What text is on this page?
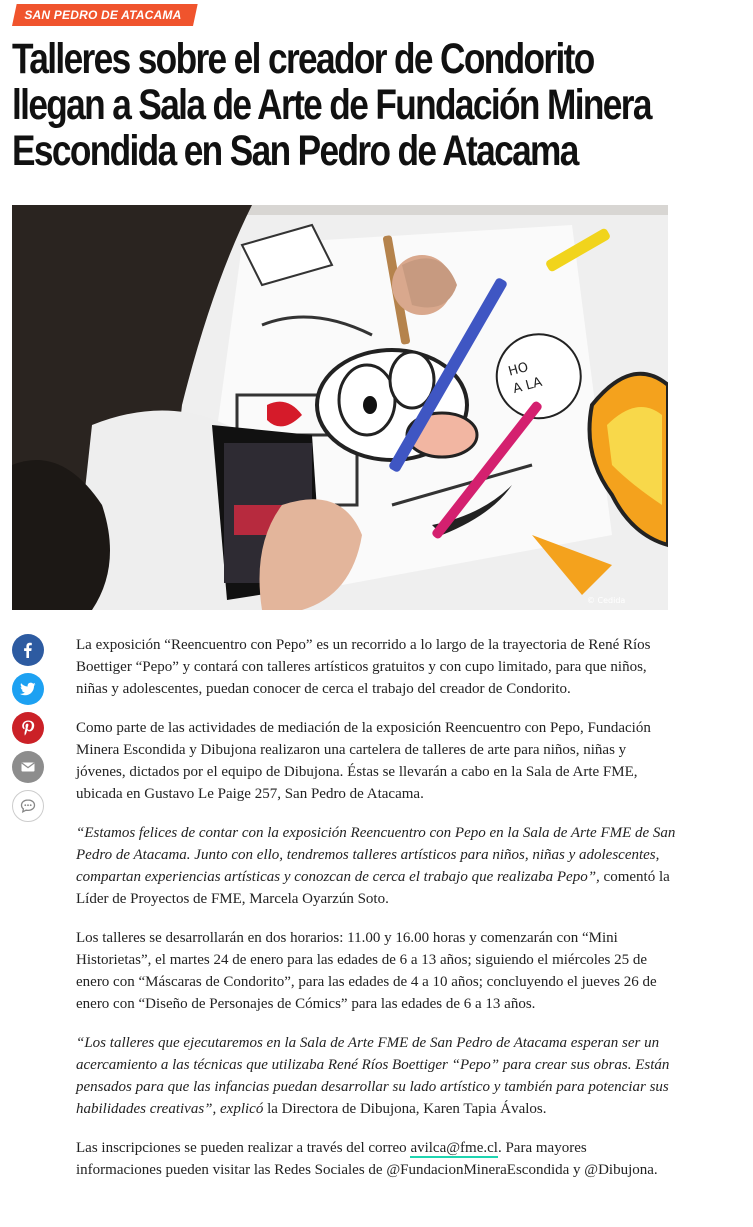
SAN PEDRO DE ATACAMA
Talleres sobre el creador de Condorito
llegan a Sala de Arte de Fundación Minera
Escondida en San Pedro de Atacama
HO
A LA
© Cedida

La exposición “Reencuentro con Pepo” es un recorrido a lo largo de la trayectoria de René Ríos Boettiger “Pepo” y contará con talleres artísticos gratuitos y con cupo limitado, para que niños, niñas y adolescentes, puedan conocer de cerca el trabajo del creador de Condorito.

Como parte de las actividades de mediación de la exposición Reencuentro con Pepo, Fundación Minera Escondida y Dibujona realizaron una cartelera de talleres de arte para niños, niñas y jóvenes, dictados por el equipo de Dibujona. Éstas se llevarán a cabo en la Sala de Arte FME, ubicada en Gustavo Le Paige 257, San Pedro de Atacama.

“Estamos felices de contar con la exposición Reencuentro con Pepo en la Sala de Arte FME de San Pedro de Atacama. Junto con ello, tendremos talleres artísticos para niños, niñas y adolescentes, compartan experiencias artísticas y conozcan de cerca el trabajo que realizaba Pepo”, comentó la Líder de Proyectos de FME, Marcela Oyarzún Soto.

Los talleres se desarrollarán en dos horarios: 11.00 y 16.00 horas y comenzarán con “Mini Historietas”, el martes 24 de enero para las edades de 6 a 13 años; siguiendo el miércoles 25 de enero con “Máscaras de Condorito”, para las edades de 4 a 10 años; concluyendo el jueves 26 de enero con “Diseño de Personajes de Cómics” para las edades de 6 a 13 años.

“Los talleres que ejecutaremos en la Sala de Arte FME de San Pedro de Atacama esperan ser un acercamiento a las técnicas que utilizaba René Ríos Boettiger “Pepo” para crear sus obras. Están pensados para que las infancias puedan desarrollar su lado artístico y también para potenciar sus habilidades creativas”, explicó la Directora de Dibujona, Karen Tapia Ávalos.

Las inscripciones se pueden realizar a través del correo avilca@fme.cl. Para mayores informaciones pueden visitar las Redes Sociales de @FundacionMineraEscondida y @Dibujona.
